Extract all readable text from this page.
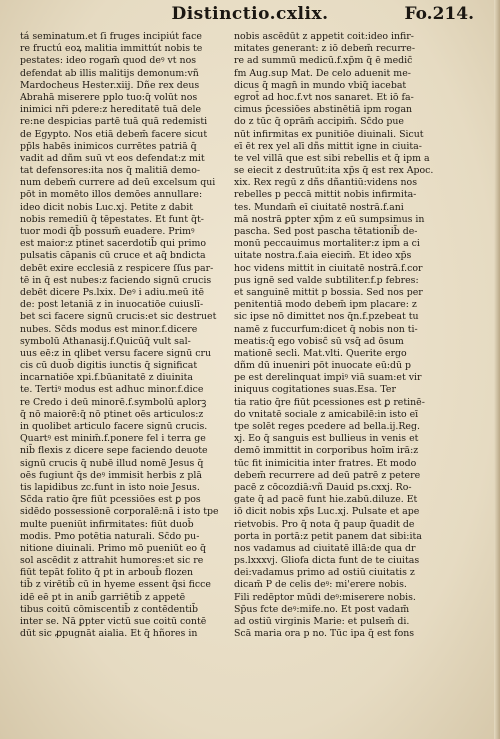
Distinctio.cxlix.	Fo.214.
tá seminatum.et ſi fruges incipiút face
re fructú eoꝝ malitia immittút nobis te
pestates: ideo rogam̄ quod deꝰ vt nos
defendat ab illis malitijs demonum:vñ
Mardocheus Hester.xiij. Dñe rex deus
Abrahā miserere pplo tuo:q̄ volūt nos
inimici nr̄i pdere:z hereditatē tuā dele
re:ne despicias partē tuā quā redemisti
de Egypto. Nos etiā debem̄ facere sicut
pp̄ls habēs inimicos currētes patriā q̄
vadit ad dñm suū vt eos defendat:z mit
tat defensores:ita nos q̄ malitiā demo-
num debem̄ currere ad deū excelsum qui
pōt in momēto illos demōes annullare:
ideo dicit nobis Luc.xj. Petite z dabit
nobis remediū q̄ tēpestates. Et funt q̄t-
tuor modi q̄b̄ possum̄ euadere. Primꝰ
est maior:z ptinet sacerdotib̄ qui primo
pulsatis cāpanis cū cruce et aq̄ bndicta
debēt exire ecclesiā z respicere ſſus par-
tē in q̄ est nubes:z faciendo signū crucis
debēt dicere Ps.lxix. Deꝰ i adiu.meū itē
de: post letaniā z in inuocatiōe cuiuslī-
bet sci facere signū crucis:et sic destruet
nubes. Sc̄ds modus est minor.f.dicere
symbolū Athanasij.f.Quicūq̄ vult sal-
uus eē:z in qlibet versu facere signū cru
cis cū duob̄ digitis iunctis q̄ significat
incarnatiōe xpi.f.būanitatē z diuinita
te. Tertiꝰ modus est adhuc minor.f.dice
re Credo i deū minorē.f.symbolū aplorꝫ
q̄ nō maiorē:q̄ nō ptinet oēs articulos:z
in quolibet articulo facere signū crucis.
Quartꝰ est minim̄.f.ponere fel i terra ge
nib̄ flexis z dicere sepe faciendo deuote
signū crucis q̄ nubē illud nomē Jesus q̄
oēs fugiunt q̄s deꝰ immisit herbis z plā
tis lapidibus zc.funt in isto noie Jesus.
Sc̄da ratio q̄re fiūt pcessiōes est ꝑ pos
sidēdo possessionē corporalē:nā i isto tpe
multe pueniūt infirmitates: fiūt duob̄
modis. Pmo potētia naturali. Sc̄do pu-
nitione diuinali. Primo mō pueniūt eo q̄
sol ascēdit z attrahit humores:et sic re
fiūt tepāt folito q̄ pt in arboub̄ flozen
tib̄ z virētib̄ cū in hyeme essent q̄si ficce
idē eē pt in anib̄ garriētib̄ z appetē
tibus coitū cōmiscentib̄ z contēdentib̄
inter se. Nā ꝑpter victū sue coitū contē
dūt sic ꝓpugnāt aialia. Et q̄ hñores in
nobis ascēdūt z appetit coit:ideo infir-
mitates generant: z iō debem̄ recurre-
re ad summū medicū.f.xp̄m q̄ ē medic̄
fm Aug.sup Mat. De celo aduenit me-
dicus q̄ magn̄ in mundo vbiq̄ iacebat
egrot̄ ad hoc.f.vt nos sanaret. Et iō fa-
cimus p̄cessiōes abstinētiā ipm rogan
do z tūc q̄ oprām̄ accipim̄. Sc̄do pue
nūt infirmitas ex punitiōe diuinali. Sicut
eī ēt rex yel alī dñs mittit igne in ciuita-
te vel villā que est sibi rebellis et q̄ ipm a
se eiecit z destruūt:ita xp̄s q̄ est rex Apoc.
xix. Rex regū z dñs dñantiū:videns nos
rebelles p peccā mittit nobis infirmita-
tes. Mundam̄ eī ciuitatē nostrā.f.ani
mā nostrā ꝑpter xp̄m z eū sumpsimus in
pascha. Sed post pascha tētationib̄ de-
monū peccauimus mortaliter:z ipm a ci
uitate nostra.f.aia eiecim̄. Et ideo xp̄s
hoc videns mittit in ciuitatē nostrā.f.cor
pus ignē sed valde subtiliter.f.p febres:
et sanguinē mittit p bossia. Sed nos per
penitentiā modo debem̄ ipm placare: z
sic ipse nō dimittet nos q̄n.f.pzebeat tu
namē z fuccurfum:dicet q̄ nobis non ti-
meatis:q̄ ego vobisc̄ sū vsq̄ ad ōsum
mationē secli. Mat.vlti. Querite ergo
dñm dū inueniri pōt inuocate eū:dū p
pe est derelinquat impiꝰ viā suam:et vir
iniquus cogitationes suas.Esa. Ter
tia ratio q̄re fiūt pcessiones est ꝑ retinē-
do vnitatē sociale z amicabilē:in isto eī
tpe solēt reges pcedere ad bella.ij.Reg.
xj. Eo q̄ sanguis est bullieus in venis et
demō immittit in corporibus hoīm irā:z
tūc fit inimicitia inter fratres. Et modo
debem̄ recurrere ad deū patrē z petere
pacē z cōcozdiā:vñ Dauid ps.cxxj. Ro-
gate q̄ ad pacē funt hie.zabū.diluze. Et
iō dicit nobis xp̄s Luc.xj. Pulsate et ape
rietvobis. Pro q̄ nota q̄ paup q̄uadit de
porta in portā:z petit panem dat sibi:ita
nos vadamus ad ciuitatē illā:de qua dr
ps.lxxxvj. Gliofa dicta funt de te ciuitas
dei:vadamus primo ad ostiū ciuitatis z
dicam̄ P de celis deꝰ: mi'erere nobis.
Fili redēptor mūdi deꝰ:miserere nobis.
Sp̄us fcte deꝰ:mife.no. Et post vadam̄
ad ostiū virginis Marie: et pulsem̄ di.
Scā maria ora p no. Tūc ipa q̄ est fons
